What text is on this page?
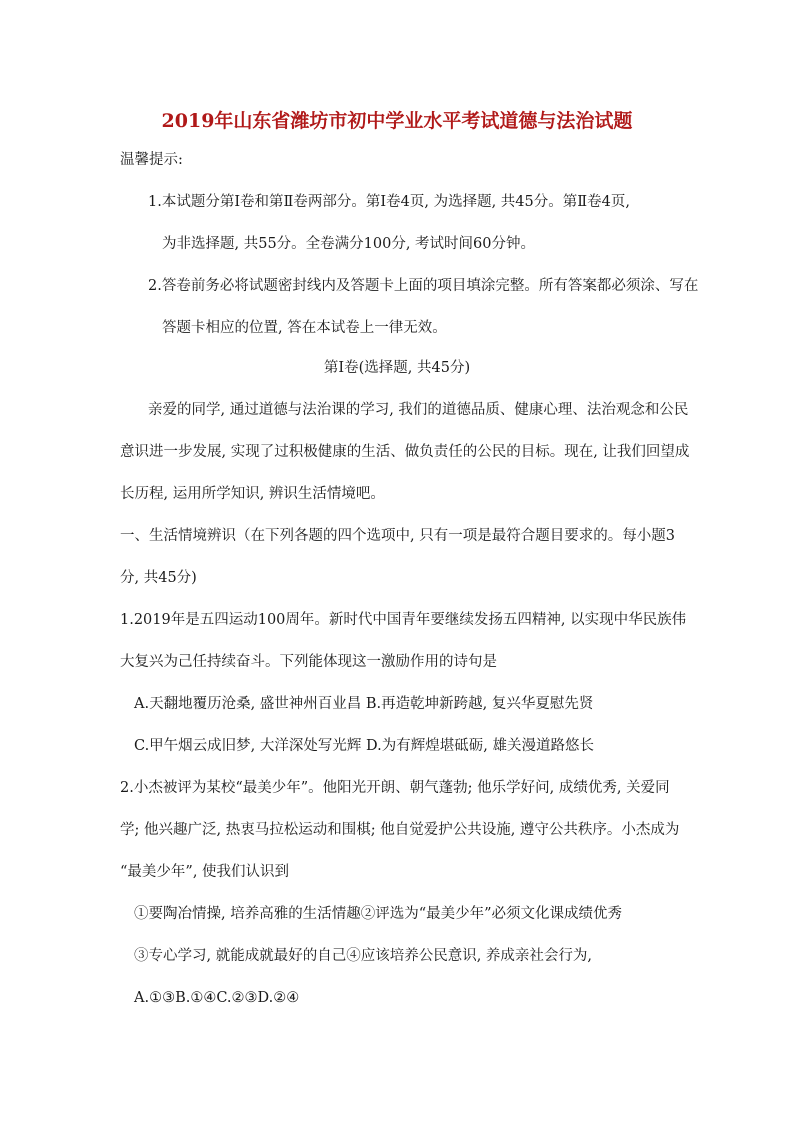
2019年山东省潍坊市初中学业水平考试道德与法治试题
温馨提示:
1.本试题分第Ⅰ卷和第Ⅱ卷两部分。第Ⅰ卷4页, 为选择题, 共45分。第Ⅱ卷4页,
为非选择题, 共55分。全卷满分100分, 考试时间60分钟。
2.答卷前务必将试题密封线内及答题卡上面的项目填涂完整。所有答案都必须涂、写在
答题卡相应的位置, 答在本试卷上一律无效。
第Ⅰ卷(选择题, 共45分)
亲爱的同学, 通过道德与法治课的学习, 我们的道德品质、健康心理、法治观念和公民
意识进一步发展, 实现了过积极健康的生活、做负责任的公民的目标。现在, 让我们回望成
长历程, 运用所学知识, 辨识生活情境吧。
一、生活情境辨识（在下列各题的四个选项中, 只有一项是最符合题目要求的。每小题3
分, 共45分)
1.2019年是五四运动100周年。新时代中国青年要继续发扬五四精神, 以实现中华民族伟
大复兴为己任持续奋斗。下列能体现这一激励作用的诗句是
A.天翻地覆历沧桑, 盛世神州百业昌 B.再造乾坤新跨越, 复兴华夏慰先贤
C.甲午烟云成旧梦, 大洋深处写光辉 D.为有辉煌堪砥砺, 雄关漫道路悠长
2.小杰被评为某校“最美少年”。他阳光开朗、朝气蓬勃; 他乐学好问, 成绩优秀, 关爱同
学; 他兴趣广泛, 热衷马拉松运动和围棋; 他自觉爱护公共设施, 遵守公共秩序。小杰成为
“最美少年”, 使我们认识到
①要陶冶情操, 培养高雅的生活情趣②评选为“最美少年”必须文化课成绩优秀
③专心学习, 就能成就最好的自己④应该培养公民意识, 养成亲社会行为,
A.①③B.①④C.②③D.②④
